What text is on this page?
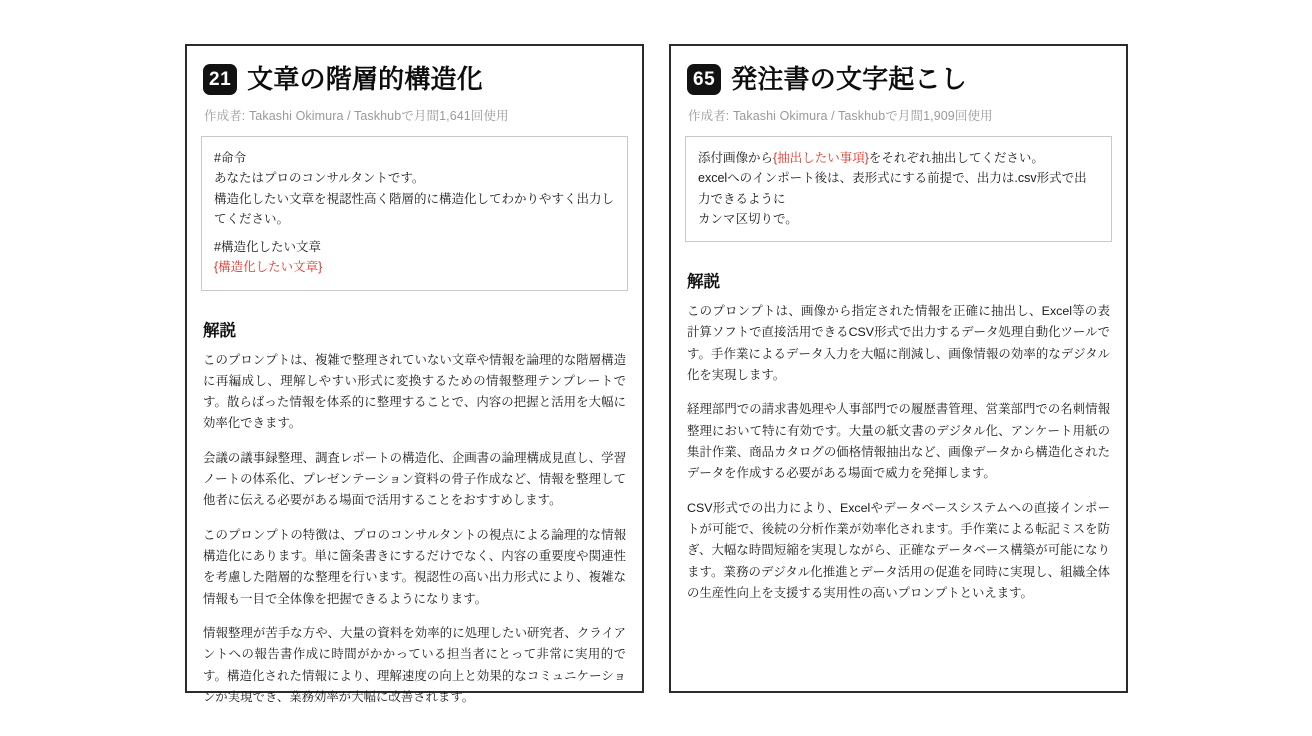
21 文章の階層的構造化
作成者: Takashi Okimura / Taskhubで月間1,641回使用
#命令
あなたはプロのコンサルタントです。
構造化したい文章を視認性高く階層的に構造化してわかりやすく出力してください。
#構造化したい文章
{構造化したい文章}
解説

このプロンプトは、複雑で整理されていない文章や情報を論理的な階層構造に再編成し、理解しやすい形式に変換するための情報整理テンプレートです。散らばった情報を体系的に整理することで、内容の把握と活用を大幅に効率化できます。

会議の議事録整理、調査レポートの構造化、企画書の論理構成見直し、学習ノートの体系化、プレゼンテーション資料の骨子作成など、情報を整理して他者に伝える必要がある場面で活用することをおすすめします。

このプロンプトの特徴は、プロのコンサルタントの視点による論理的な情報構造化にあります。単に箇条書きにするだけでなく、内容の重要度や関連性を考慮した階層的な整理を行います。視認性の高い出力形式により、複雑な情報も一目で全体像を把握できるようになります。

情報整理が苦手な方や、大量の資料を効率的に処理したい研究者、クライアントへの報告書作成に時間がかかっている担当者にとって非常に実用的です。構造化された情報により、理解速度の向上と効果的なコミュニケーションが実現でき、業務効率が大幅に改善されます。

65 発注書の文字起こし
作成者: Takashi Okimura / Taskhubで月間1,909回使用
添付画像から{抽出したい事項}をそれぞれ抽出してください。
excelへのインポート後は、表形式にする前提で、出力は.csv形式で出力できるように
カンマ区切りで。
解説

このプロンプトは、画像から指定された情報を正確に抽出し、Excel等の表計算ソフトで直接活用できるCSV形式で出力するデータ処理自動化ツールです。手作業によるデータ入力を大幅に削減し、画像情報の効率的なデジタル化を実現します。

経理部門での請求書処理や人事部門での履歴書管理、営業部門での名刺情報整理において特に有効です。大量の紙文書のデジタル化、アンケート用紙の集計作業、商品カタログの価格情報抽出など、画像データから構造化されたデータを作成する必要がある場面で威力を発揮します。

CSV形式での出力により、Excelやデータベースシステムへの直接インポートが可能で、後続の分析作業が効率化されます。手作業による転記ミスを防ぎ、大幅な時間短縮を実現しながら、正確なデータベース構築が可能になります。業務のデジタル化推進とデータ活用の促進を同時に実現し、組織全体の生産性向上を支援する実用性の高いプロンプトといえます。
